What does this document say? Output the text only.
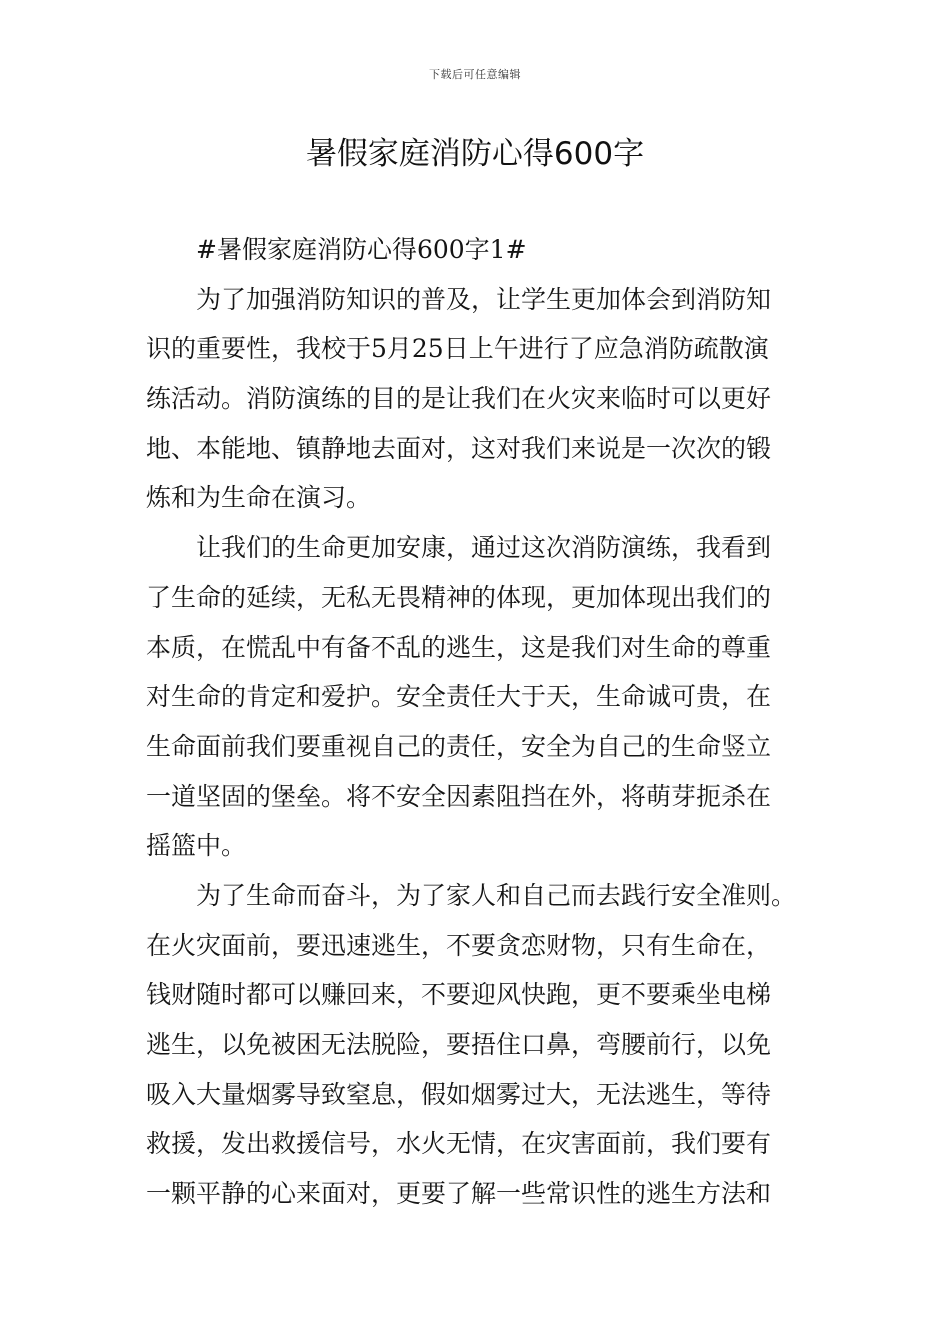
下载后可任意编辑
暑假家庭消防心得600字
#暑假家庭消防心得600字1#
为了加强消防知识的普及，让学生更加体会到消防知
识的重要性，我校于5月25日上午进行了应急消防疏散演
练活动。消防演练的目的是让我们在火灾来临时可以更好
地、本能地、镇静地去面对，这对我们来说是一次次的锻
炼和为生命在演习。
让我们的生命更加安康，通过这次消防演练，我看到
了生命的延续，无私无畏精神的体现，更加体现出我们的
本质，在慌乱中有备不乱的逃生，这是我们对生命的尊重
对生命的肯定和爱护。安全责任大于天，生命诚可贵，在
生命面前我们要重视自己的责任，安全为自己的生命竖立
一道坚固的堡垒。将不安全因素阻挡在外，将萌芽扼杀在
摇篮中。
为了生命而奋斗，为了家人和自己而去践行安全准则。
在火灾面前，要迅速逃生，不要贪恋财物，只有生命在，
钱财随时都可以赚回来，不要迎风快跑，更不要乘坐电梯
逃生，以免被困无法脱险，要捂住口鼻，弯腰前行，以免
吸入大量烟雾导致窒息，假如烟雾过大，无法逃生，等待
救援，发出救援信号，水火无情，在灾害面前，我们要有
一颗平静的心来面对，更要了解一些常识性的逃生方法和
